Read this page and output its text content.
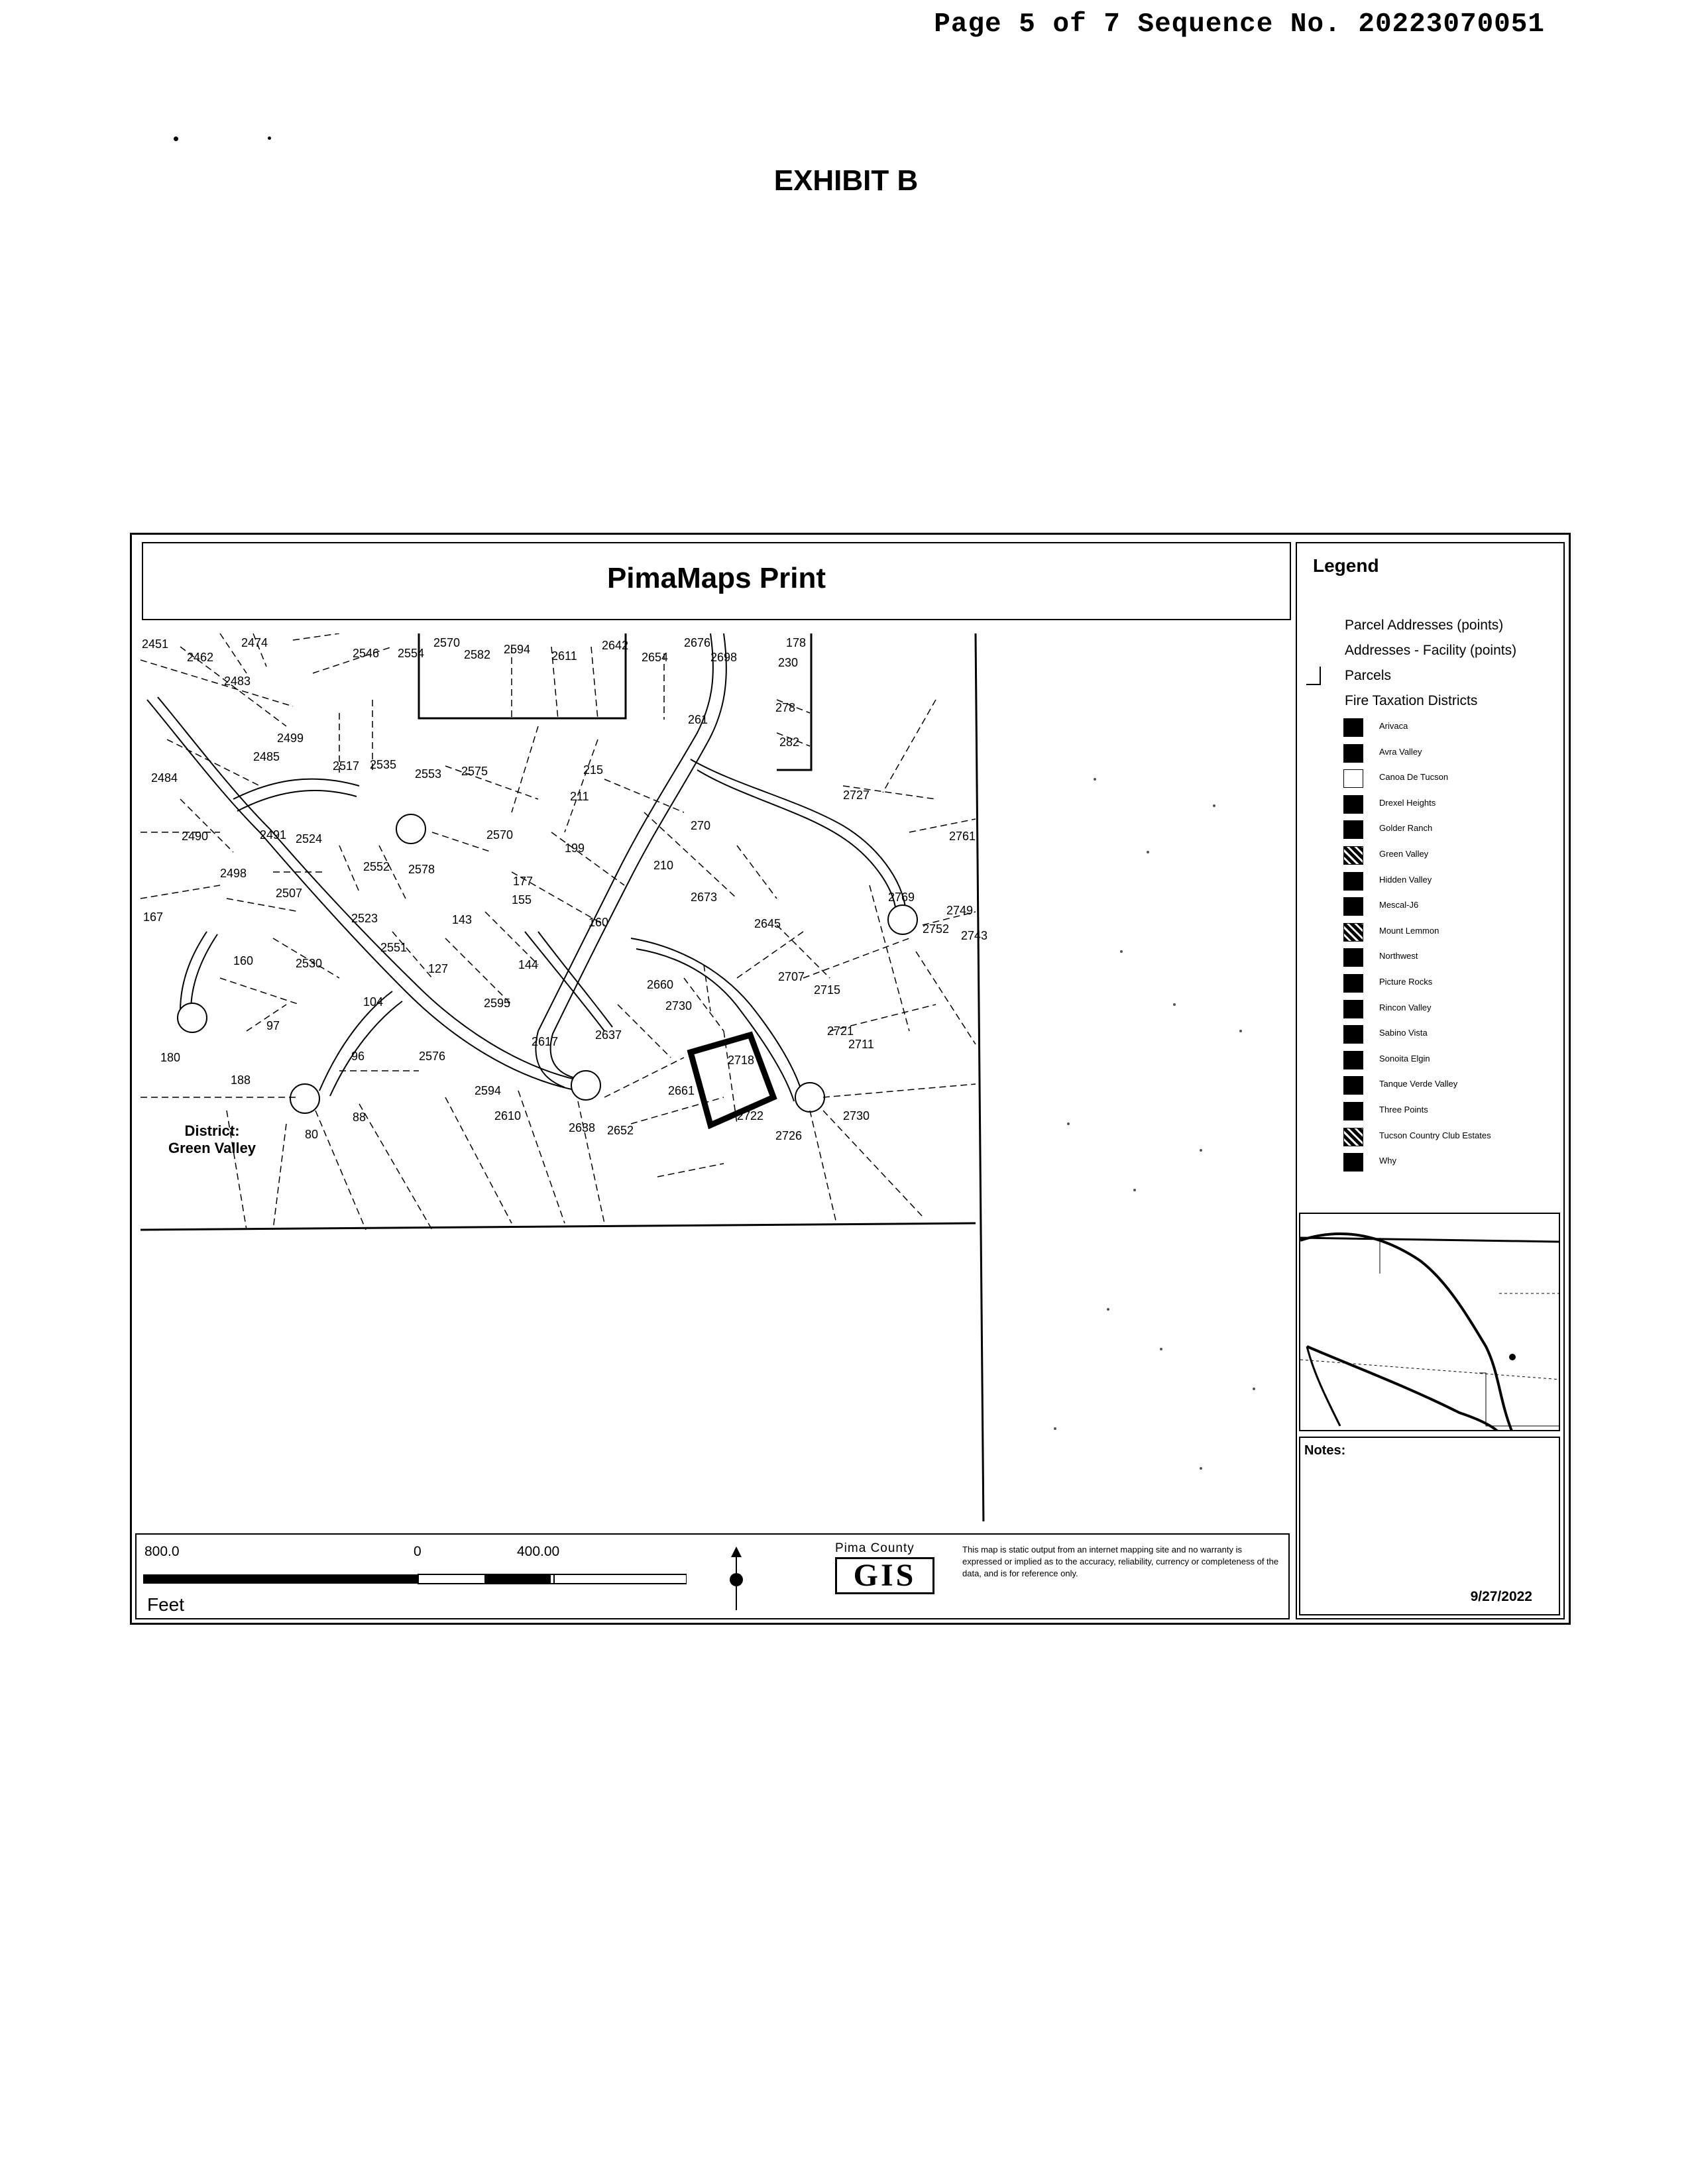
Page 5 of 7 Sequence No. 20223070051
EXHIBIT B
PimaMaps Print
2451	2474
2462
2483
2546 2554
2570
2582 2594 2611
2642
2654
2676
2698
178
230
261
278
2499
2485
2517 2535
2553 2575	215
282
2484
211	2727
2490	2491 2524	2570
199
270
2761
2552 2578
2498
177
210
2743
2507	155	2673	2769
167	2523	143	160	2645	2752
2749
2551
160	2530	127	144
2660
2707
2715
104	2595	2730
97	2721
2617	2637
180	96	2576	2718
2711
188
2594	2661
88	2610	2722	2730
80	2638 2652	2726
District:
Green Valley
Legend
Parcel Addresses (points)
Addresses - Facility (points)
Parcels
Fire Taxation Districts
Arivaca
Avra Valley
Canoa De Tucson
Drexel Heights
Golder Ranch
Green Valley
Hidden Valley
Mescal-J6
Mount Lemmon
Northwest
Picture Rocks
Rincon Valley
Sabino Vista
Sonoita Elgin
Tanque Verde Valley
Three Points
Tucson Country Club Estates
Why
Notes:
9/27/2022
800.0	0	400.00
Feet
Pima County
GIS
This map is static output from an internet mapping site and no warranty is expressed or implied as to the accuracy, reliability, currency or completeness of the data, and is for reference only.
